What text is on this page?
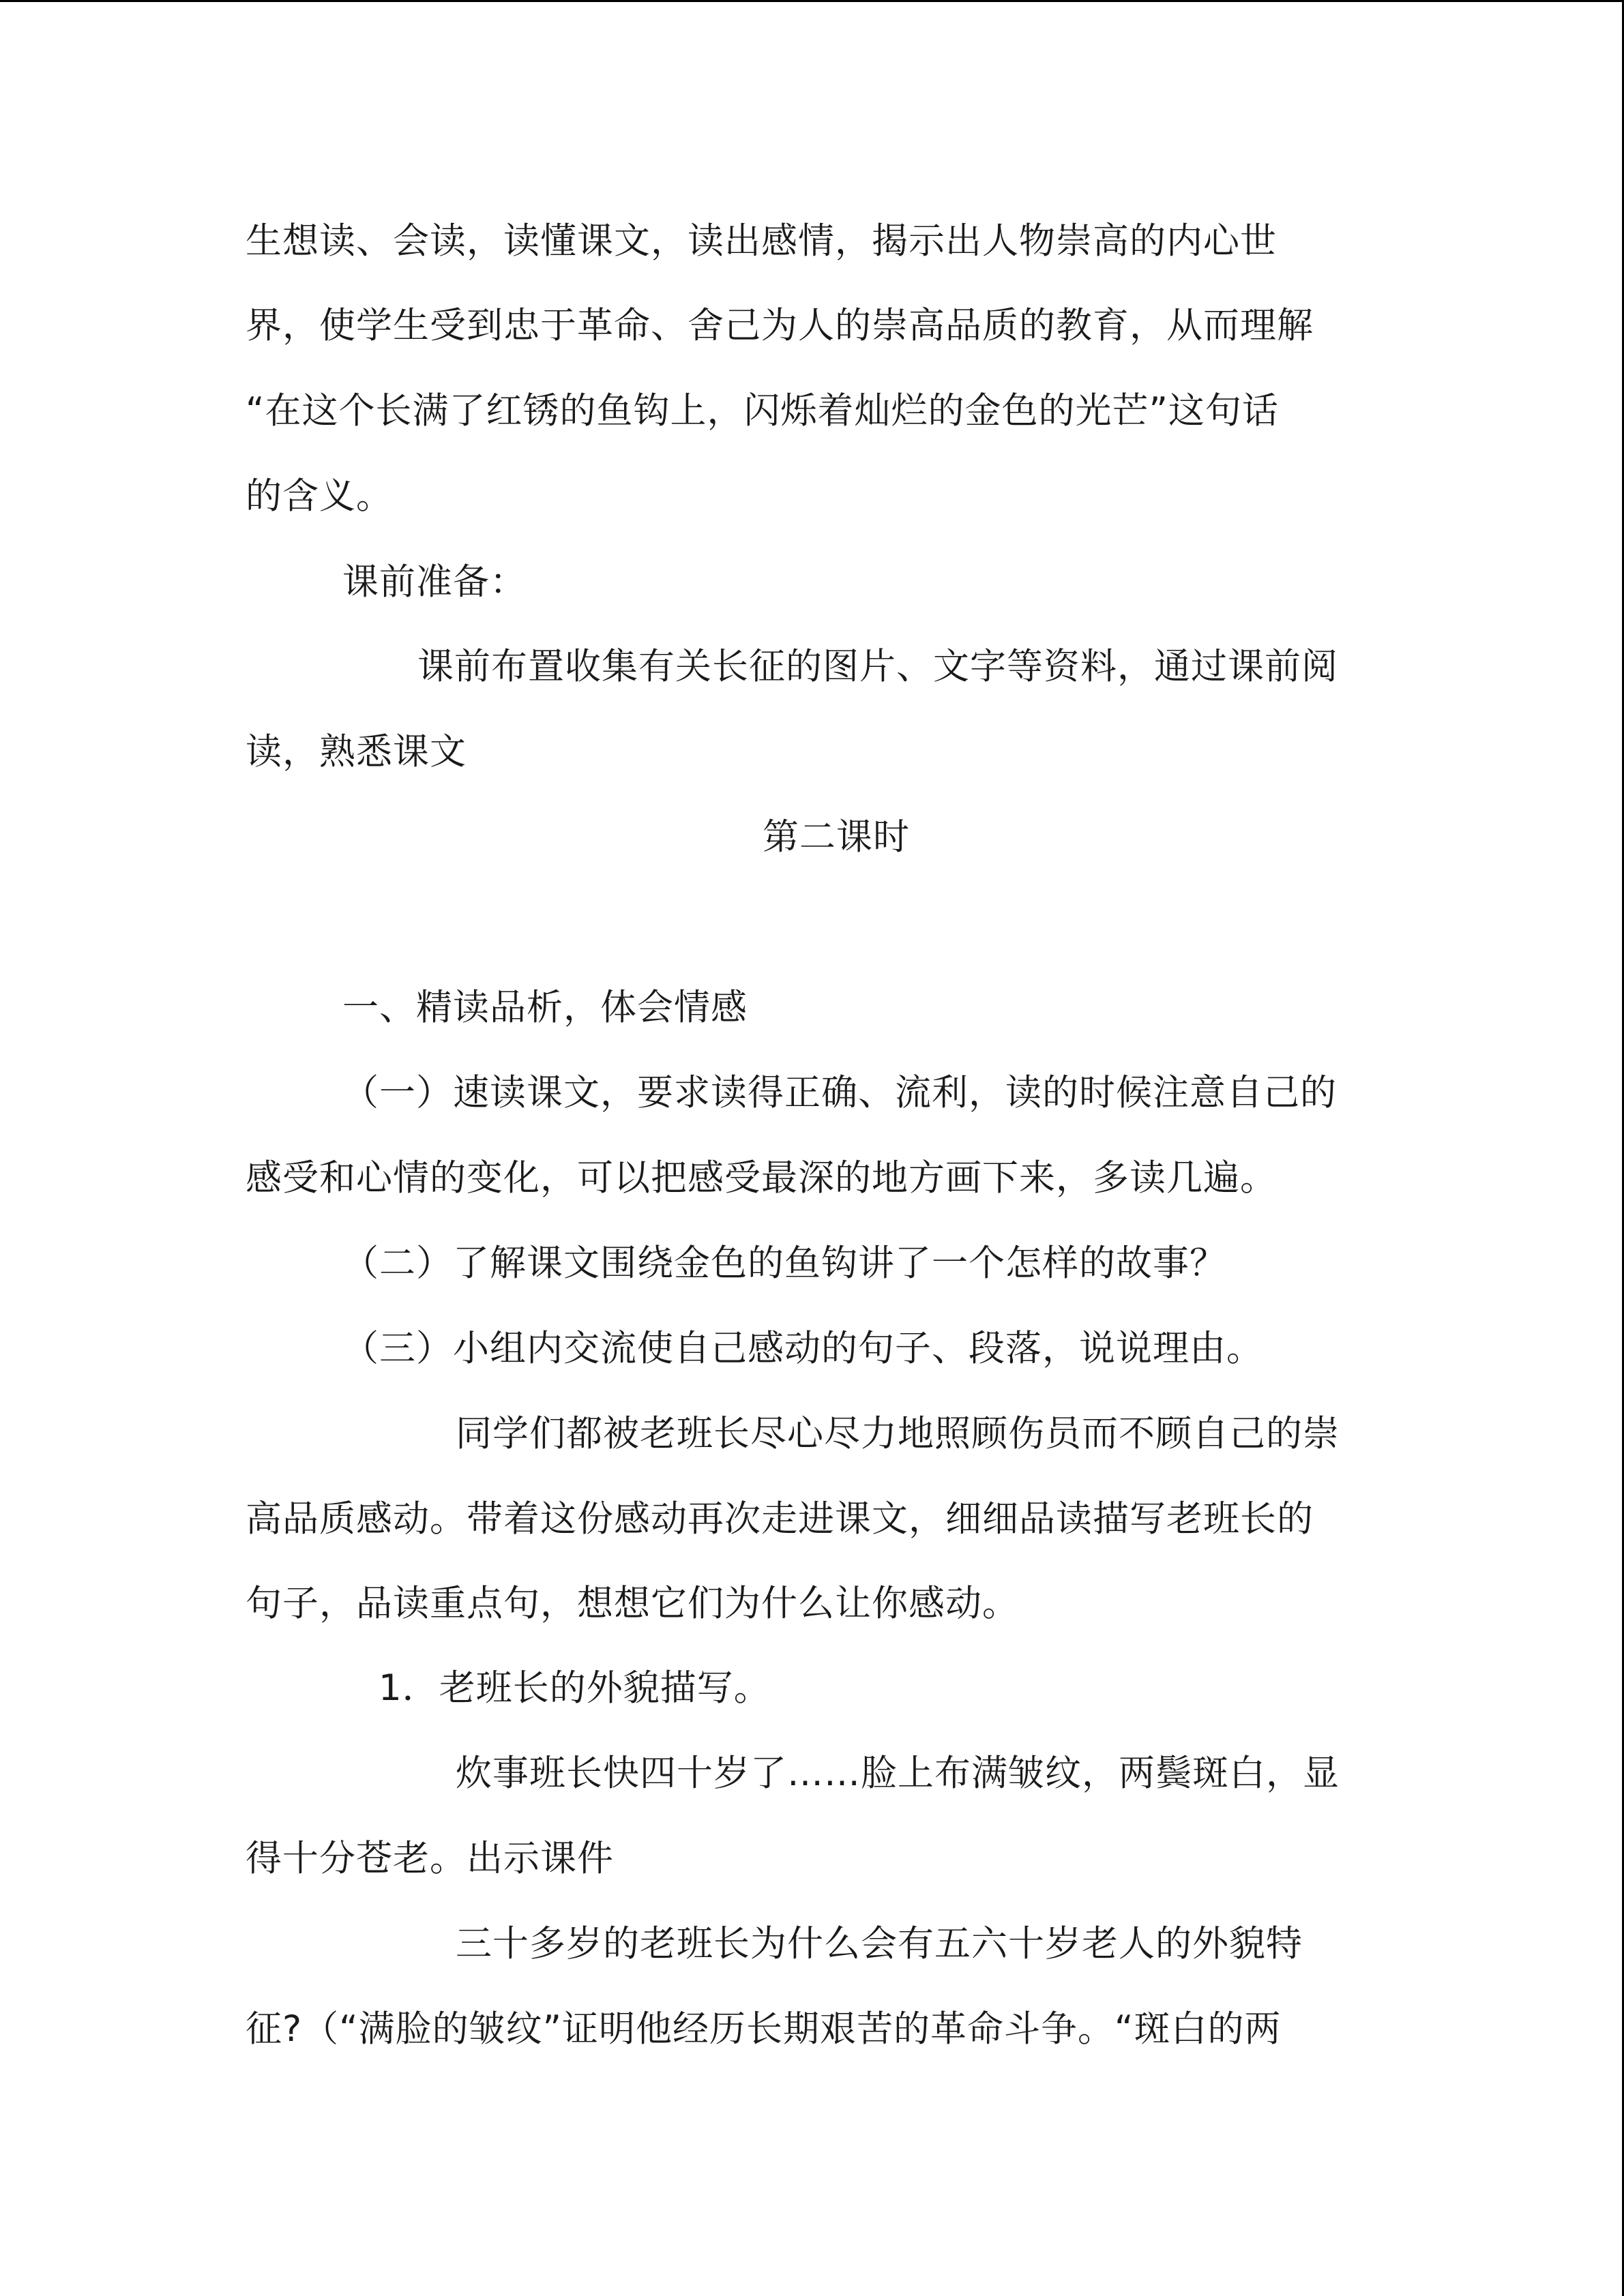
生想读、会读，读懂课文，读出感情，揭示出人物崇高的内心世
界，使学生受到忠于革命、舍己为人的崇高品质的教育，从而理解
“在这个长满了红锈的鱼钩上，闪烁着灿烂的金色的光芒”这句话
的含义。
课前准备：
课前布置收集有关长征的图片、文字等资料，通过课前阅
读，熟悉课文
第二课时
一、精读品析，体会情感
（一）速读课文，要求读得正确、流利，读的时候注意自己的
感受和心情的变化，可以把感受最深的地方画下来，多读几遍。
（二）了解课文围绕金色的鱼钩讲了一个怎样的故事？
（三）小组内交流使自己感动的句子、段落，说说理由。
同学们都被老班长尽心尽力地照顾伤员而不顾自己的崇
高品质感动。带着这份感动再次走进课文，细细品读描写老班长的
句子，品读重点句，想想它们为什么让你感动。
1．老班长的外貌描写。
炊事班长快四十岁了……脸上布满皱纹，两鬓斑白，显
得十分苍老。出示课件
三十多岁的老班长为什么会有五六十岁老人的外貌特
征?（“满脸的皱纹”证明他经历长期艰苦的革命斗争。“斑白的两
